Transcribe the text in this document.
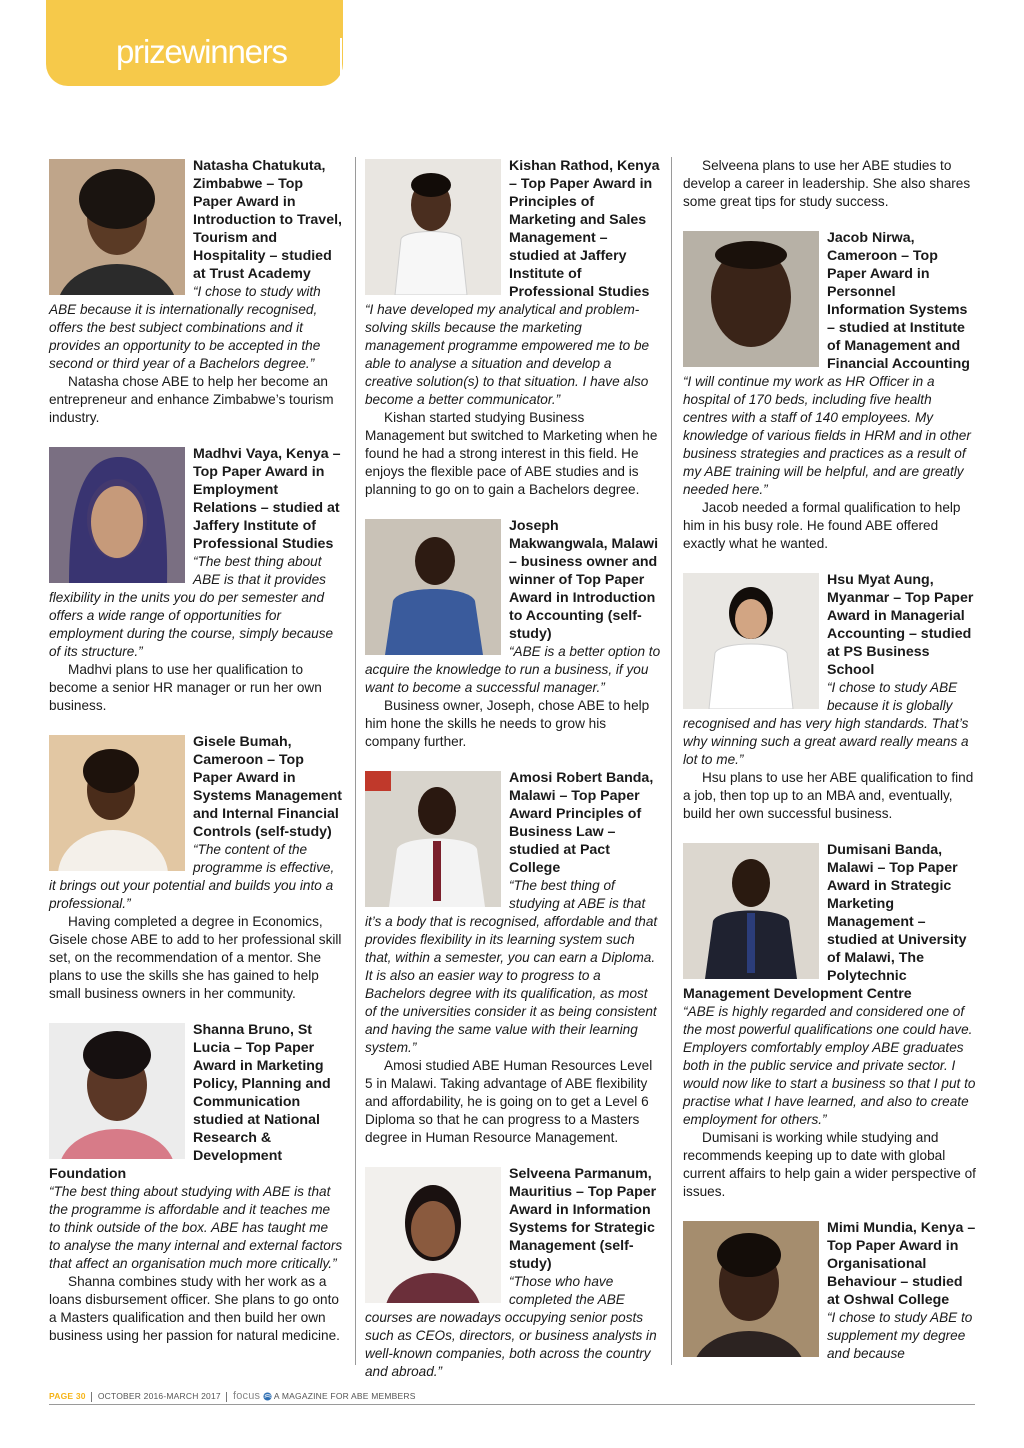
prizewinners
Natasha Chatukuta, Zimbabwe – Top Paper Award in Introduction to Travel, Tourism and Hospitality – studied at Trust Academy
“I chose to study with ABE because it is internationally recognised, offers the best subject combinations and it provides an opportunity to be accepted in the second or third year of a Bachelors degree.”
Natasha chose ABE to help her become an entrepreneur and enhance Zimbabwe’s tourism industry.
Madhvi Vaya, Kenya – Top Paper Award in Employment Relations – studied at Jaffery Institute of Professional Studies
“The best thing about ABE is that it provides flexibility in the units you do per semester and offers a wide range of opportunities for employment during the course, simply because of its structure.”
Madhvi plans to use her qualification to become a senior HR manager or run her own business.
Gisele Bumah, Cameroon – Top Paper Award in Systems Management and Internal Financial Controls (self-study)
“The content of the programme is effective, it brings out your potential and builds you into a professional.”
Having completed a degree in Economics, Gisele chose ABE to add to her professional skill set, on the recommendation of a mentor. She plans to use the skills she has gained to help small business owners in her community.
Shanna Bruno, St Lucia – Top Paper Award in Marketing Policy, Planning and Communication studied at National Research & Development Foundation
“The best thing about studying with ABE is that the programme is affordable and it teaches me to think outside of the box. ABE has taught me to analyse the many internal and external factors that affect an organisation much more critically.”
Shanna combines study with her work as a loans disbursement officer. She plans to go onto a Masters qualification and then build her own business using her passion for natural medicine.
Kishan Rathod, Kenya – Top Paper Award in Principles of Marketing and Sales Management – studied at Jaffery Institute of Professional Studies
“I have developed my analytical and problem-solving skills because the marketing management programme empowered me to be able to analyse a situation and develop a creative solution(s) to that situation. I have also become a better communicator.”
Kishan started studying Business Management but switched to Marketing when he found he had a strong interest in this field. He enjoys the flexible pace of ABE studies and is planning to go on to gain a Bachelors degree.
Joseph Makwangwala, Malawi – business owner and winner of Top Paper Award in Introduction to Accounting (self-study)
“ABE is a better option to acquire the knowledge to run a business, if you want to become a successful manager.”
Business owner, Joseph, chose ABE to help him hone the skills he needs to grow his company further.
Amosi Robert Banda, Malawi – Top Paper Award Principles of Business Law – studied at Pact College
“The best thing of studying at ABE is that it’s a body that is recognised, affordable and that provides flexibility in its learning system such that, within a semester, you can earn a Diploma. It is also an easier way to progress to a Bachelors degree with its qualification, as most of the universities consider it as being consistent and having the same value with their learning system.”
Amosi studied ABE Human Resources Level 5 in Malawi. Taking advantage of ABE flexibility and affordability, he is going on to get a Level 6 Diploma so that he can progress to a Masters degree in Human Resource Management.
Selveena Parmanum, Mauritius – Top Paper Award in Information Systems for Strategic Management (self-study)
“Those who have completed the ABE courses are nowadays occupying senior posts such as CEOs, directors, or business analysts in well-known companies, both across the country and abroad.”
Selveena plans to use her ABE studies to develop a career in leadership. She also shares some great tips for study success.
Jacob Nirwa, Cameroon – Top Paper Award in Personnel Information Systems – studied at Institute of Management and Financial Accounting
“I will continue my work as HR Officer in a hospital of 170 beds, including five health centres with a staff of 140 employees. My knowledge of various fields in HRM and in other business strategies and practices as a result of my ABE training will be helpful, and are greatly needed here.”
Jacob needed a formal qualification to help him in his busy role. He found ABE offered exactly what he wanted.
Hsu Myat Aung, Myanmar – Top Paper Award in Managerial Accounting – studied at PS Business School
“I chose to study ABE because it is globally recognised and has very high standards. That’s why winning such a great award really means a lot to me.”
Hsu plans to use her ABE qualification to find a job, then top up to an MBA and, eventually, build her own successful business.
Dumisani Banda, Malawi – Top Paper Award in Strategic Marketing Management – studied at University of Malawi, The Polytechnic Management Development Centre
“ABE is highly regarded and considered one of the most powerful qualifications one could have. Employers comfortably employ ABE graduates both in the public service and private sector. I would now like to start a business so that I put to practise what I have learned, and also to create employment for others.”
Dumisani is working while studying and recommends keeping up to date with global current affairs to help gain a wider perspective of issues.
Mimi Mundia, Kenya – Top Paper Award in Organisational Behaviour – studied at Oshwal College
“I chose to study ABE to supplement my degree and because
PAGE 30 OCTOBER 2016-MARCH 2017 focus A MAGAZINE FOR ABE MEMBERS
